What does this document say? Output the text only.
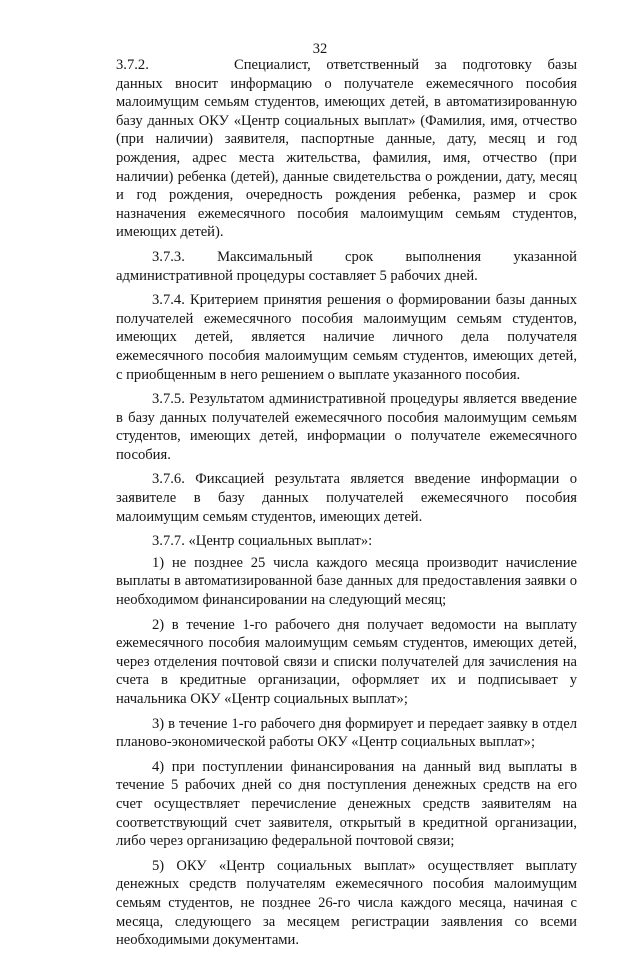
32

3.7.2.	Специалист, ответственный за подготовку базы данных вносит информацию о получателе ежемесячного пособия малоимущим семьям студентов, имеющих детей, в автоматизированную базу данных ОКУ «Центр социальных выплат» (Фамилия, имя, отчество (при наличии) заявителя, паспортные данные, дату, месяц и год рождения, адрес места жительства, фамилия, имя, отчество (при наличии) ребенка (детей), данные свидетельства о рождении, дату, месяц и год рождения, очередность рождения ребенка, размер и срок назначения ежемесячного пособия малоимущим семьям студентов, имеющих детей).

3.7.3. Максимальный срок выполнения указанной административной процедуры составляет 5 рабочих дней.

3.7.4. Критерием принятия решения о формировании базы данных получателей ежемесячного пособия малоимущим семьям студентов, имеющих детей, является наличие личного дела получателя ежемесячного пособия малоимущим семьям студентов, имеющих детей, с приобщенным в него решением о выплате указанного пособия.

3.7.5. Результатом административной процедуры является введение в базу данных получателей ежемесячного пособия малоимущим семьям студентов, имеющих детей, информации о получателе ежемесячного пособия.

3.7.6. Фиксацией результата является введение информации о заявителе в базу данных получателей ежемесячного пособия малоимущим семьям студентов, имеющих детей.

3.7.7. «Центр социальных выплат»:

1) не позднее 25 числа каждого месяца производит начисление выплаты в автоматизированной базе данных для предоставления заявки о необходимом финансировании на следующий месяц;

2) в течение 1-го рабочего дня получает ведомости на выплату ежемесячного пособия малоимущим семьям студентов, имеющих детей, через отделения почтовой связи и списки получателей для зачисления на счета в кредитные организации, оформляет их и подписывает у начальника ОКУ «Центр социальных выплат»;

3) в течение 1-го рабочего дня формирует и передает заявку в отдел планово-экономической работы ОКУ «Центр социальных выплат»;

4) при поступлении финансирования на данный вид выплаты в течение 5 рабочих дней со дня поступления денежных средств на его счет осуществляет перечисление денежных средств заявителям на соответствующий счет заявителя, открытый в кредитной организации, либо через организацию федеральной почтовой связи;

5) ОКУ «Центр социальных выплат» осуществляет выплату денежных средств получателям ежемесячного пособия малоимущим семьям студентов, не позднее 26-го числа каждого месяца, начиная с месяца, следующего за месяцем регистрации заявления со всеми необходимыми документами.
